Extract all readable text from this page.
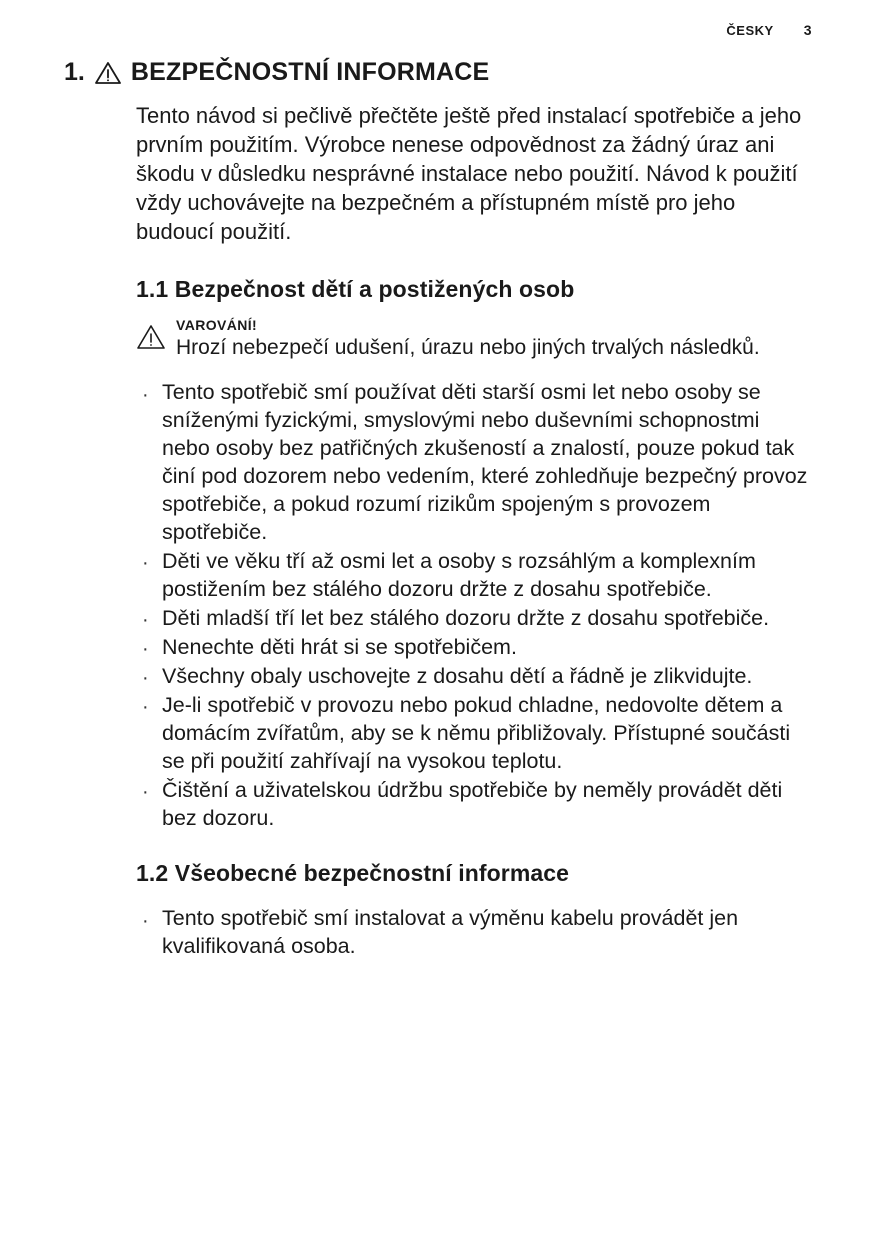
ČESKY 3
1. BEZPEČNOSTNÍ INFORMACE

Tento návod si pečlivě přečtěte ještě před instalací spotřebiče a jeho prvním použitím. Výrobce nenese odpovědnost za žádný úraz ani škodu v důsledku nesprávné instalace nebo použití. Návod k použití vždy uchovávejte na bezpečném a přístupném místě pro jeho budoucí použití.

1.1 Bezpečnost dětí a postižených osob

VAROVÁNÍ!

Hrozí nebezpečí udušení, úrazu nebo jiných trvalých následků.

· Tento spotřebič smí používat děti starší osmi let nebo osoby se sníženými fyzickými, smyslovými nebo duševními schopnostmi nebo osoby bez patřičných zkušeností a znalostí, pouze pokud tak činí pod dozorem nebo vedením, které zohledňuje bezpečný provoz spotřebiče, a pokud rozumí rizikům spojeným s provozem spotřebiče.
· Děti ve věku tří až osmi let a osoby s rozsáhlým a komplexním postižením bez stálého dozoru držte z dosahu spotřebiče.
· Děti mladší tří let bez stálého dozoru držte z dosahu spotřebiče.
· Nenechte děti hrát si se spotřebičem.
· Všechny obaly uschovejte z dosahu dětí a řádně je zlikvidujte.
· Je-li spotřebič v provozu nebo pokud chladne, nedovolte dětem a domácím zvířatům, aby se k němu přibližovaly. Přístupné součásti se při použití zahřívají na vysokou teplotu.
· Čištění a uživatelskou údržbu spotřebiče by neměly provádět děti bez dozoru.
1.2 Všeobecné bezpečnostní informace
· Tento spotřebič smí instalovat a výměnu kabelu provádět jen kvalifikovaná osoba.
